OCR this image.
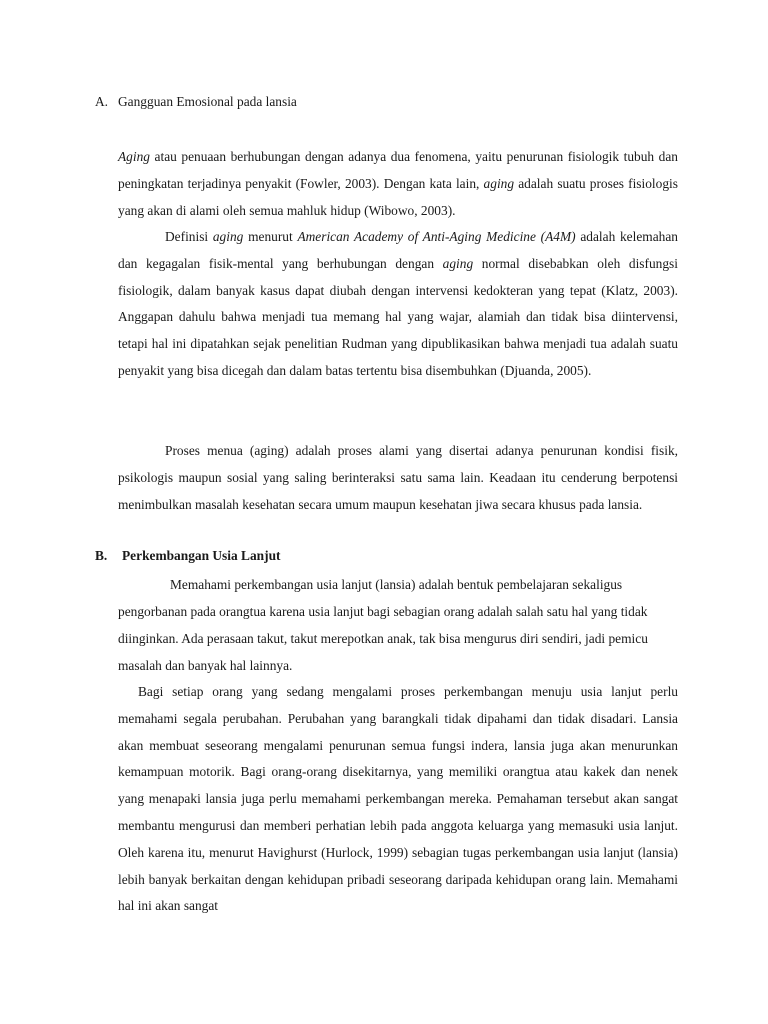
A. Gangguan Emosional pada lansia

Aging atau penuaan berhubungan dengan adanya dua fenomena, yaitu penurunan fisiologik tubuh dan peningkatan terjadinya penyakit (Fowler, 2003). Dengan kata lain, aging adalah suatu proses fisiologis yang akan di alami oleh semua mahluk hidup (Wibowo, 2003).

Definisi aging menurut American Academy of Anti-Aging Medicine (A4M) adalah kelemahan dan kegagalan fisik-mental yang berhubungan dengan aging normal disebabkan oleh disfungsi fisiologik, dalam banyak kasus dapat diubah dengan intervensi kedokteran yang tepat (Klatz, 2003). Anggapan dahulu bahwa menjadi tua memang hal yang wajar, alamiah dan tidak bisa diintervensi, tetapi hal ini dipatahkan sejak penelitian Rudman yang dipublikasikan bahwa menjadi tua adalah suatu penyakit yang bisa dicegah dan dalam batas tertentu bisa disembuhkan (Djuanda, 2005).

Proses menua (aging) adalah proses alami yang disertai adanya penurunan kondisi fisik, psikologis maupun sosial yang saling berinteraksi satu sama lain. Keadaan itu cenderung berpotensi menimbulkan masalah kesehatan secara umum maupun kesehatan jiwa secara khusus pada lansia.

B. Perkembangan Usia Lanjut

Memahami perkembangan usia lanjut (lansia) adalah bentuk pembelajaran sekaligus pengorbanan pada orangtua karena usia lanjut bagi sebagian orang adalah salah satu hal yang tidak diinginkan. Ada perasaan takut, takut merepotkan anak, tak bisa mengurus diri sendiri, jadi pemicu masalah dan banyak hal lainnya.

Bagi setiap orang yang sedang mengalami proses perkembangan menuju usia lanjut perlu memahami segala perubahan. Perubahan yang barangkali tidak dipahami dan tidak disadari. Lansia akan membuat seseorang mengalami penurunan semua fungsi indera, lansia juga akan menurunkan kemampuan motorik. Bagi orang-orang disekitarnya, yang memiliki orangtua atau kakek dan nenek yang menapaki lansia juga perlu memahami perkembangan mereka. Pemahaman tersebut akan sangat membantu mengurusi dan memberi perhatian lebih pada anggota keluarga yang memasuki usia lanjut. Oleh karena itu, menurut Havighurst (Hurlock, 1999) sebagian tugas perkembangan usia lanjut (lansia) lebih banyak berkaitan dengan kehidupan pribadi seseorang daripada kehidupan orang lain. Memahami hal ini akan sangat
